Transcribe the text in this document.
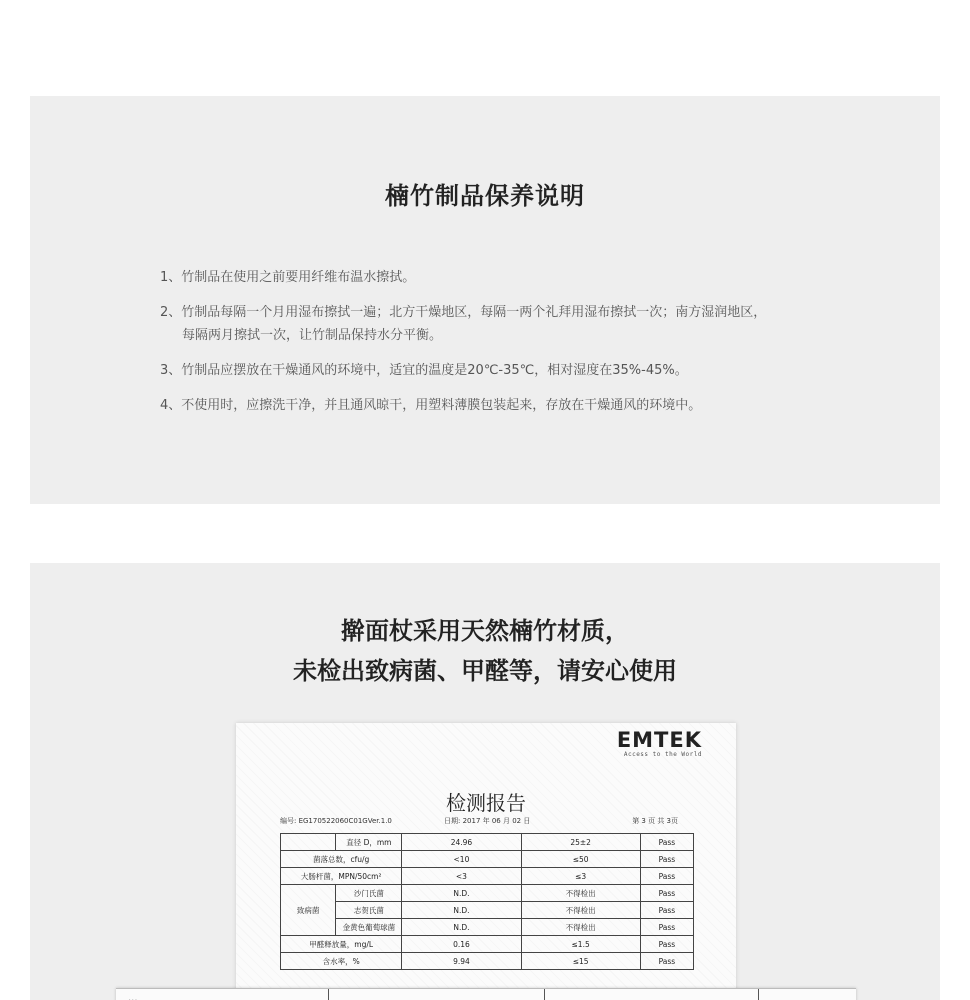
楠竹制品保养说明
1、竹制品在使用之前要用纤维布温水擦拭。
2、竹制品每隔一个月用湿布擦拭一遍；北方干燥地区，每隔一两个礼拜用湿布擦拭一次；南方湿润地区，
每隔两月擦拭一次，让竹制品保持水分平衡。
3、竹制品应摆放在干燥通风的环境中，适宜的温度是20℃-35℃，相对湿度在35%-45%。
4、不使用时，应擦洗干净，并且通风晾干，用塑料薄膜包装起来，存放在干燥通风的环境中。
擀面杖采用天然楠竹材质，
未检出致病菌、甲醛等，请安心使用
EMTEK
Access to the World
检测报告
编号: EG170522060C01GVer.1.0	日期: 2017 年 06 月 02 日	第 3 页 共 3页
	直径 D，mm	24.96	25±2	Pass
菌落总数，cfu/g		<10	≤50	Pass
大肠杆菌，MPN/50cm²		<3	≤3	Pass
致病菌	沙门氏菌	N.D.	不得检出	Pass
	志贺氏菌	N.D.	不得检出	Pass
	金黄色葡萄球菌	N.D.	不得检出	Pass
甲醛释放量，mg/L		0.16	≤1.5	Pass
含水率，%		9.94	≤15	Pass
...
